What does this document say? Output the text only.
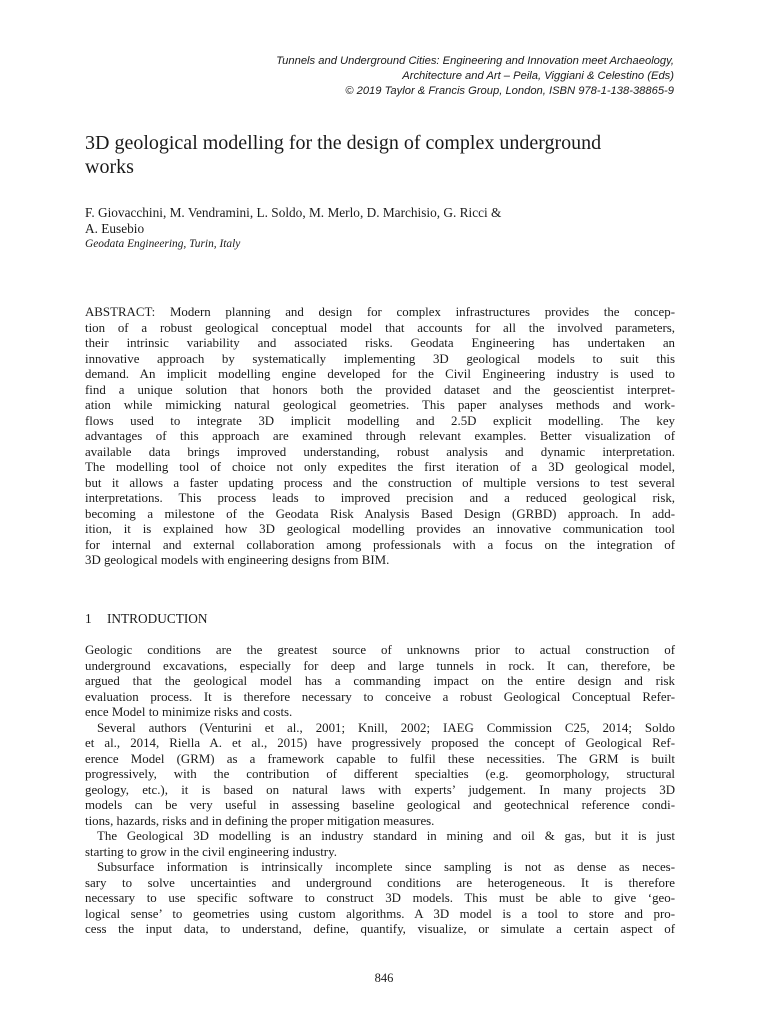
Tunnels and Underground Cities: Engineering and Innovation meet Archaeology,
Architecture and Art – Peila, Viggiani & Celestino (Eds)
© 2019 Taylor & Francis Group, London, ISBN 978-1-138-38865-9
3D geological modelling for the design of complex underground
works
F. Giovacchini, M. Vendramini, L. Soldo, M. Merlo, D. Marchisio, G. Ricci &
A. Eusebio
Geodata Engineering, Turin, Italy
ABSTRACT: Modern planning and design for complex infrastructures provides the concep-
tion of a robust geological conceptual model that accounts for all the involved parameters,
their intrinsic variability and associated risks. Geodata Engineering has undertaken an
innovative approach by systematically implementing 3D geological models to suit this
demand. An implicit modelling engine developed for the Civil Engineering industry is used to
find a unique solution that honors both the provided dataset and the geoscientist interpret-
ation while mimicking natural geological geometries. This paper analyses methods and work-
flows used to integrate 3D implicit modelling and 2.5D explicit modelling. The key
advantages of this approach are examined through relevant examples. Better visualization of
available data brings improved understanding, robust analysis and dynamic interpretation.
The modelling tool of choice not only expedites the first iteration of a 3D geological model,
but it allows a faster updating process and the construction of multiple versions to test several
interpretations. This process leads to improved precision and a reduced geological risk,
becoming a milestone of the Geodata Risk Analysis Based Design (GRBD) approach. In add-
ition, it is explained how 3D geological modelling provides an innovative communication tool
for internal and external collaboration among professionals with a focus on the integration of
3D geological models with engineering designs from BIM.
1 INTRODUCTION
Geologic conditions are the greatest source of unknowns prior to actual construction of
underground excavations, especially for deep and large tunnels in rock. It can, therefore, be
argued that the geological model has a commanding impact on the entire design and risk
evaluation process. It is therefore necessary to conceive a robust Geological Conceptual Refer-
ence Model to minimize risks and costs.
Several authors (Venturini et al., 2001; Knill, 2002; IAEG Commission C25, 2014; Soldo
et al., 2014, Riella A. et al., 2015) have progressively proposed the concept of Geological Ref-
erence Model (GRM) as a framework capable to fulfil these necessities. The GRM is built
progressively, with the contribution of different specialties (e.g. geomorphology, structural
geology, etc.), it is based on natural laws with experts’ judgement. In many projects 3D
models can be very useful in assessing baseline geological and geotechnical reference condi-
tions, hazards, risks and in defining the proper mitigation measures.
The Geological 3D modelling is an industry standard in mining and oil & gas, but it is just
starting to grow in the civil engineering industry.
Subsurface information is intrinsically incomplete since sampling is not as dense as neces-
sary to solve uncertainties and underground conditions are heterogeneous. It is therefore
necessary to use specific software to construct 3D models. This must be able to give ‘geo-
logical sense’ to geometries using custom algorithms. A 3D model is a tool to store and pro-
cess the input data, to understand, define, quantify, visualize, or simulate a certain aspect of
846
